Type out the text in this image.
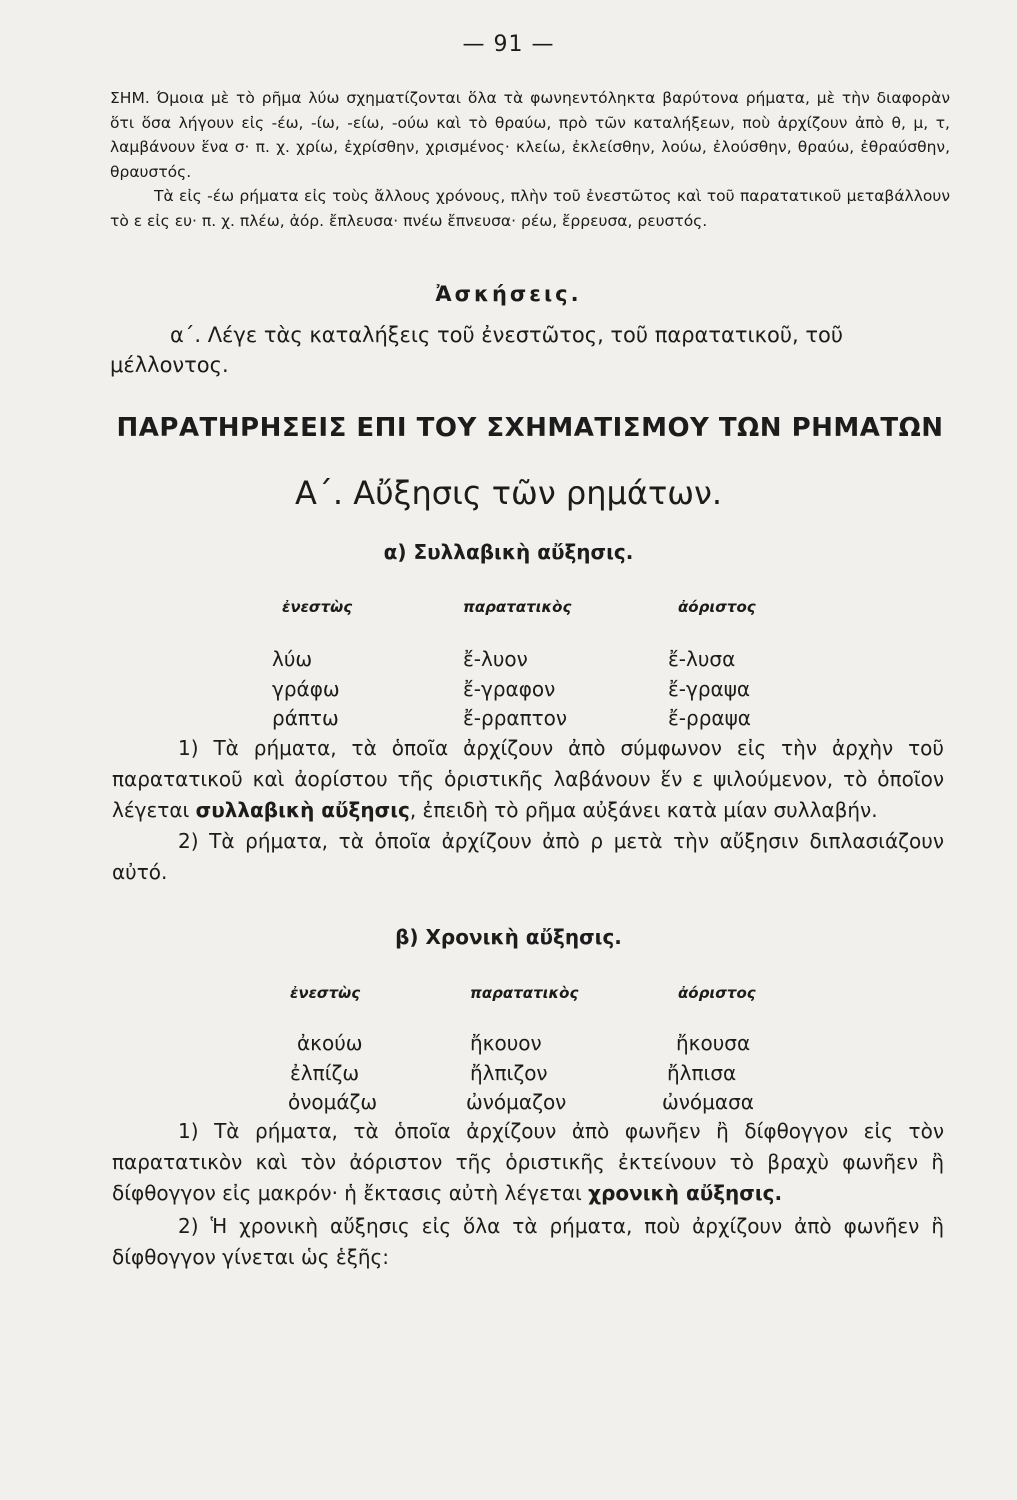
— 91 —

ΣΗΜ. Όμοια μὲ τὸ ρῆμα λύω σχηματίζονται ὅλα τὰ φωνηεντόληκτα βαρύτονα ρήματα, μὲ τὴν διαφορὰν ὅτι ὅσα λήγουν εἰς -έω, -ίω, -είω, -ούω καὶ τὸ θραύω, πρὸ τῶν καταλήξεων, ποὺ ἀρχίζουν ἀπὸ θ, μ, τ, λαμβάνουν ἕνα σ· π. χ. χρίω, ἐχρίσθην, χρισμένος· κλείω, ἐκλείσθην, λούω, ἐλούσθην, θραύω, ἐθραύσθην, θραυστός.

Τὰ εἰς -έω ρήματα εἰς τοὺς ἄλλους χρόνους, πλὴν τοῦ ἐνεστῶτος καὶ τοῦ παρατατικοῦ μεταβάλλουν τὸ ε εἰς ευ· π. χ. πλέω, ἀόρ. ἔπλευσα· πνέω ἔπνευσα· ρέω, ἔρρευσα, ρευστός.

Ἀσκήσεις.

α΄. Λέγε τὰς καταλήξεις τοῦ ἐνεστῶτος, τοῦ παρατατικοῦ, τοῦ μέλλοντος.

ΠΑΡΑΤΗΡΗΣΕΙΣ ΕΠΙ ΤΟΥ ΣΧΗΜΑΤΙΣΜΟΥ ΤΩΝ ΡΗΜΑΤΩΝ
Α΄. Αὔξησις τῶν ρημάτων.
α) Συλλαβικὴ αὔξησις.
ἐνεστὼς	παρατατικὸς	ἀόριστος
λύω	ἔ-λυον	ἔ-λυσα
γράφω	ἔ-γραφον	ἔ-γραψα
ράπτω	ἔ-ρραπτον	ἔ-ρραψα

1) Τὰ ρήματα, τὰ ὁποῖα ἀρχίζουν ἀπὸ σύμφωνον εἰς τὴν ἀρχὴν τοῦ παρατατικοῦ καὶ ἀορίστου τῆς ὁριστικῆς λαβάνουν ἕν ε ψιλούμενον, τὸ ὁποῖον λέγεται συλλαβικὴ αὔξησις, ἐπειδὴ τὸ ρῆμα αὐξάνει κατὰ μίαν συλλαβήν.

2) Τὰ ρήματα, τὰ ὁποῖα ἀρχίζουν ἀπὸ ρ μετὰ τὴν αὔξησιν διπλασιάζουν αὐτό.

β) Χρονικὴ αὔξησις.
ἐνεστὼς	παρατατικὸς	ἀόριστος
ἀκούω	ἤκουον	ἤκουσα
ἐλπίζω	ἤλπιζον	ἤλπισα
ὀνομάζω	ὠνόμαζον	ὠνόμασα

1) Τὰ ρήματα, τὰ ὁποῖα ἀρχίζουν ἀπὸ φωνῆεν ἢ δίφθογγον εἰς τὸν παρατατικὸν καὶ τὸν ἀόριστον τῆς ὁριστικῆς ἐκτείνουν τὸ βραχὺ φωνῆεν ἢ δίφθογγον εἰς μακρόν· ἡ ἔκτασις αὐτὴ λέγεται χρονικὴ αὔξησις.

2) Ἡ χρονικὴ αὔξησις εἰς ὅλα τὰ ρήματα, ποὺ ἀρχίζουν ἀπὸ φωνῆεν ἢ δίφθογγον γίνεται ὡς ἑξῆς:
